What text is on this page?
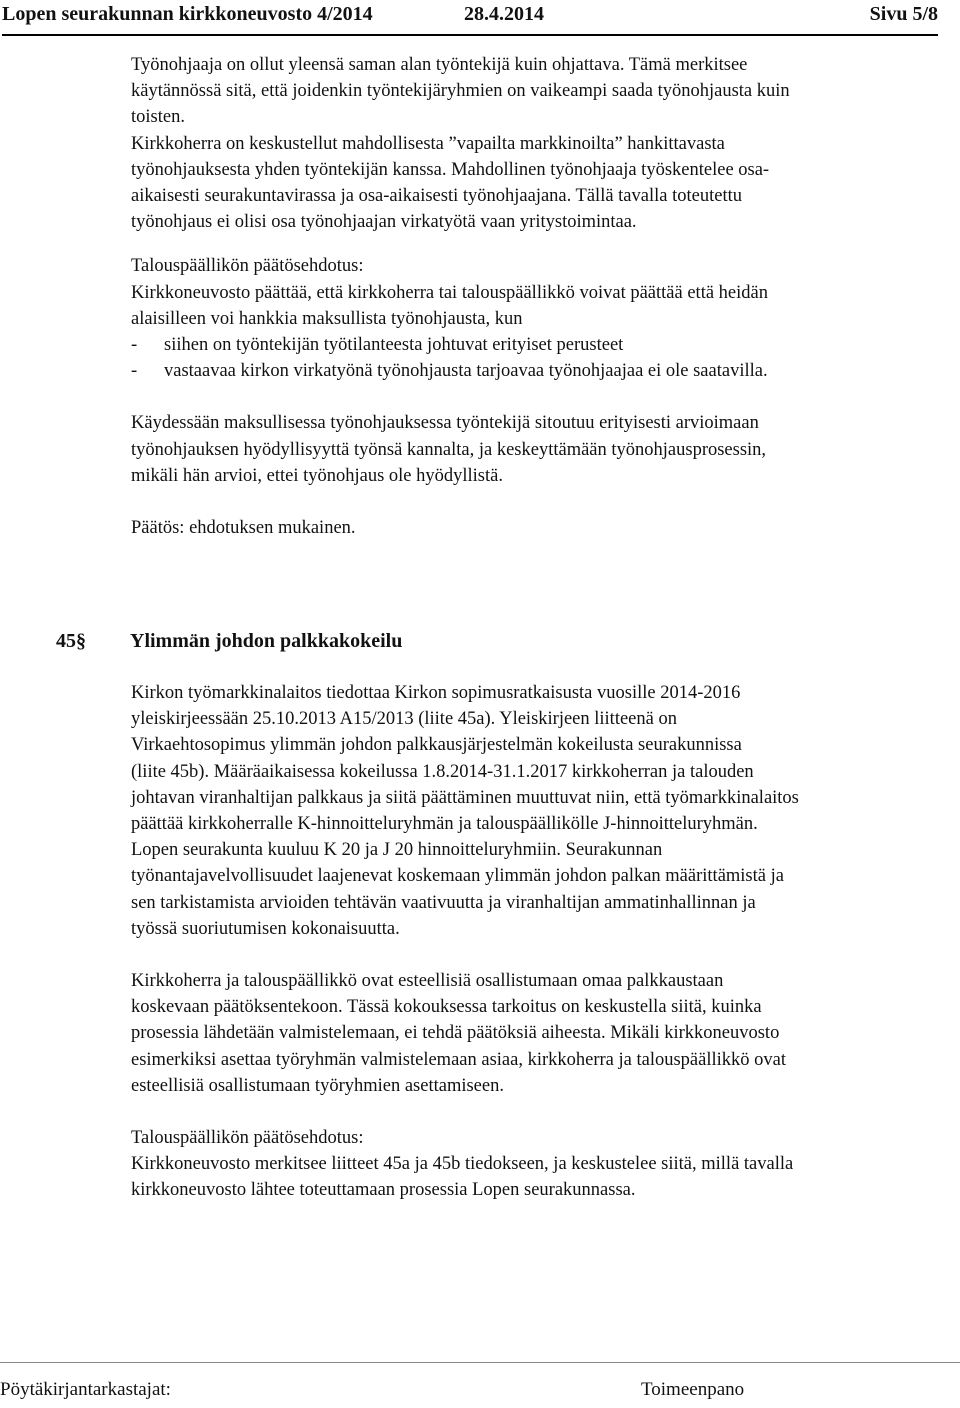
Lopen seurakunnan kirkkoneuvosto 4/2014	28.4.2014	Sivu 5/8

Työnohjaaja on ollut yleensä saman alan työntekijä kuin ohjattava. Tämä merkitsee

käytännössä sitä, että joidenkin työntekijäryhmien on vaikeampi saada työnohjausta kuin

toisten.

Kirkkoherra on keskustellut mahdollisesta ”vapailta markkinoilta” hankittavasta

työnohjauksesta yhden työntekijän kanssa. Mahdollinen työnohjaaja työskentelee osa-

aikaisesti seurakuntavirassa ja osa-aikaisesti työnohjaajana. Tällä tavalla toteutettu

työnohjaus ei olisi osa työnohjaajan virkatyötä vaan yritystoimintaa.

Talouspäällikön päätösehdotus:

Kirkkoneuvosto päättää, että kirkkoherra tai talouspäällikkö voivat päättää että heidän

alaisilleen voi hankkia maksullista työnohjausta, kun

- siihen on työntekijän työtilanteesta johtuvat erityiset perusteet

- vastaavaa kirkon virkatyönä työnohjausta tarjoavaa työnohjaajaa ei ole saatavilla.

Käydessään maksullisessa työnohjauksessa työntekijä sitoutuu erityisesti arvioimaan

työnohjauksen hyödyllisyyttä työnsä kannalta, ja keskeyttämään työnohjausprosessin,

mikäli hän arvioi, ettei työnohjaus ole hyödyllistä.

Päätös: ehdotuksen mukainen.

45§ Ylimmän johdon palkkakokeilu

Kirkon työmarkkinalaitos tiedottaa Kirkon sopimusratkaisusta vuosille 2014-2016

yleiskirjeessään 25.10.2013 A15/2013 (liite 45a). Yleiskirjeen liitteenä on

Virkaehtosopimus ylimmän johdon palkkausjärjestelmän kokeilusta seurakunnissa

(liite 45b). Määräaikaisessa kokeilussa 1.8.2014-31.1.2017 kirkkoherran ja talouden

johtavan viranhaltijan palkkaus ja siitä päättäminen muuttuvat niin, että työmarkkinalaitos

päättää kirkkoherralle K-hinnoitteluryhmän ja talouspäällikölle J-hinnoitteluryhmän.

Lopen seurakunta kuuluu K 20 ja J 20 hinnoitteluryhmiin. Seurakunnan

työnantajavelvollisuudet laajenevat koskemaan ylimmän johdon palkan määrittämistä ja

sen tarkistamista arvioiden tehtävän vaativuutta ja viranhaltijan ammatinhallinnan ja

työssä suoriutumisen kokonaisuutta.

Kirkkoherra ja talouspäällikkö ovat esteellisiä osallistumaan omaa palkkaustaan

koskevaan päätöksentekoon. Tässä kokouksessa tarkoitus on keskustella siitä, kuinka

prosessia lähdetään valmistelemaan, ei tehdä päätöksiä aiheesta. Mikäli kirkkoneuvosto

esimerkiksi asettaa työryhmän valmistelemaan asiaa, kirkkoherra ja talouspäällikkö ovat

esteellisiä osallistumaan työryhmien asettamiseen.

Talouspäällikön päätösehdotus:

Kirkkoneuvosto merkitsee liitteet 45a ja 45b tiedokseen, ja keskustelee siitä, millä tavalla

kirkkoneuvosto lähtee toteuttamaan prosessia Lopen seurakunnassa.

Pöytäkirjantarkastajat:	Toimeenpano
